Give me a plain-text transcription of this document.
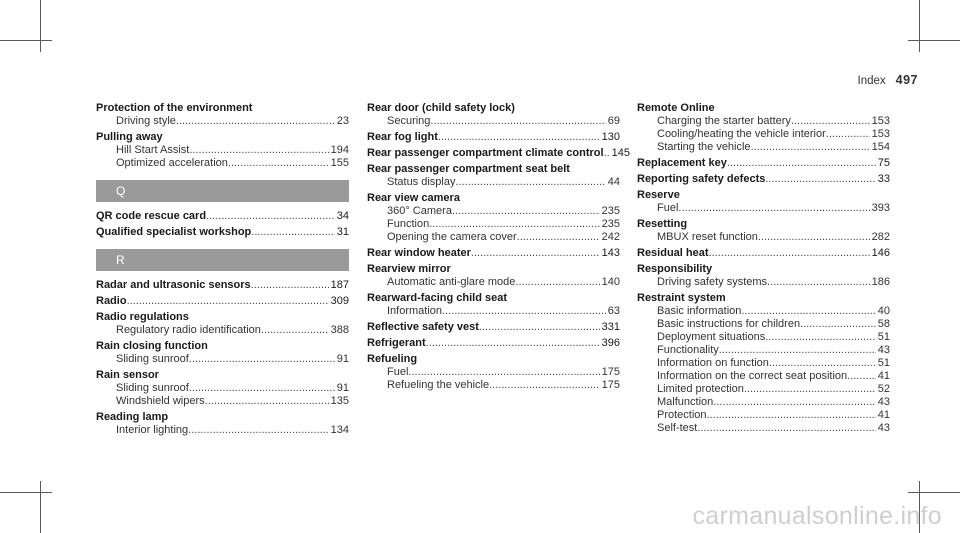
Index 497
Protection of the environment
Driving style .....	23
Pulling away
Hill Start Assist .....	194
Optimized acceleration .....	155
Q
QR code rescue card .....	34
Qualified specialist workshop .....	31
R
Radar and ultrasonic sensors .....	187
Radio .....	309
Radio regulations
Regulatory radio identification .....	388
Rain closing function
Sliding sunroof .....	91
Rain sensor
Sliding sunroof .....	91
Windshield wipers .....	135
Reading lamp
Interior lighting .....	134
Rear door (child safety lock)
Securing .....	69
Rear fog light .....	130
Rear passenger compartment climate control ..... 145
Rear passenger compartment seat belt
Status display .....	44
Rear view camera
360° Camera .....	235
Function .....	235
Opening the camera cover .....	242
Rear window heater .....	143
Rearview mirror
Automatic anti-glare mode .....	140
Rearward-facing child seat
Information .....	63
Reflective safety vest .....	331
Refrigerant .....	396
Refueling
Fuel .....	175
Refueling the vehicle .....	175
Remote Online
Charging the starter battery .....	153
Cooling/heating the vehicle interior .....	153
Starting the vehicle .....	154
Replacement key .....	75
Reporting safety defects .....	33
Reserve
Fuel .....	393
Resetting
MBUX reset function .....	282
Residual heat .....	146
Responsibility
Driving safety systems .....	186
Restraint system
Basic information .....	40
Basic instructions for children .....	58
Deployment situations .....	51
Functionality .....	43
Information on function .....	51
Information on the correct seat position .....	41
Limited protection .....	52
Malfunction .....	43
Protection .....	41
Self-test .....	43
carmanualsonline.info
